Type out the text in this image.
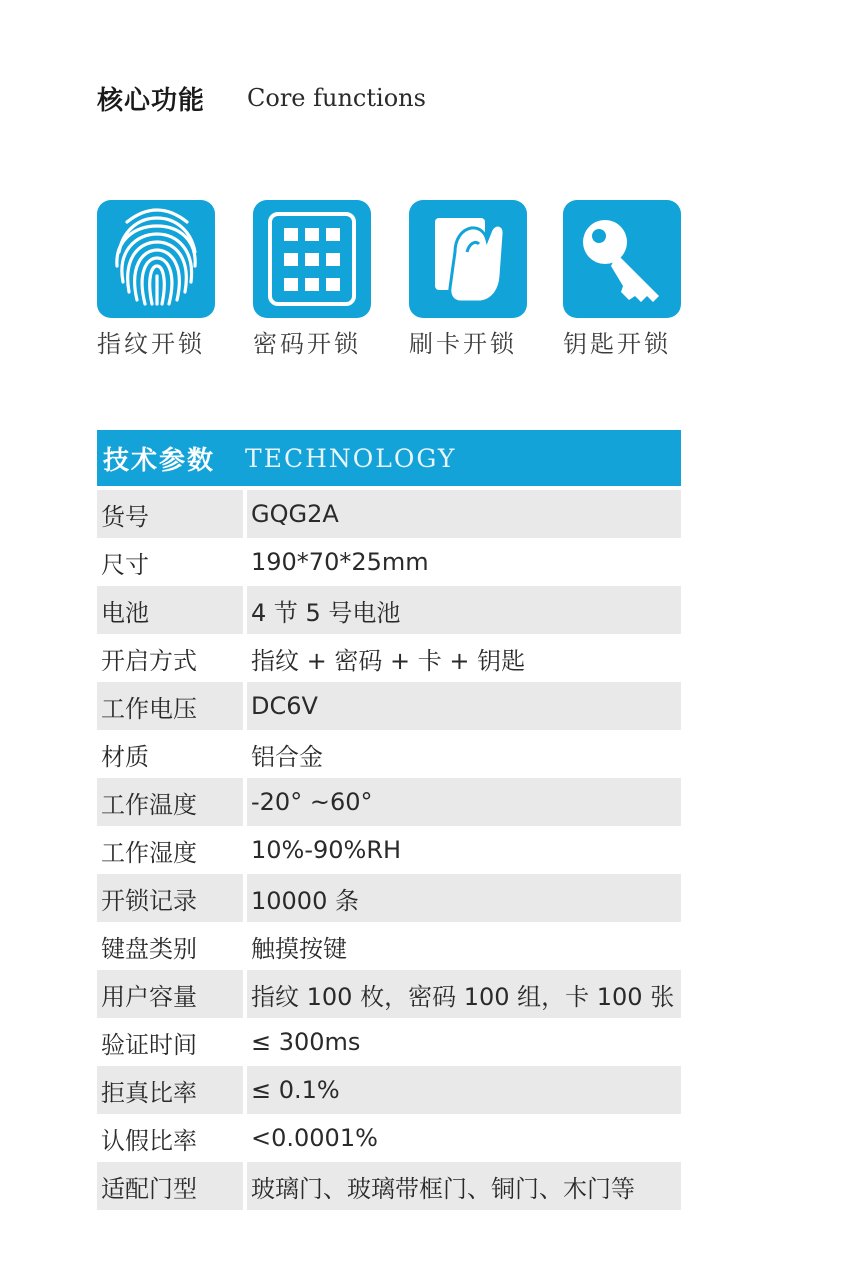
核心功能 Core functions
指纹开锁	密码开锁	刷卡开锁	钥匙开锁
技术参数 TECHNOLOGY
货号	GQG2A
尺寸	190*70*25mm
电池	4 节 5 号电池
开启方式	指纹 + 密码 + 卡 + 钥匙
工作电压	DC6V
材质	铝合金
工作温度	-20° ~60°
工作湿度	10%-90%RH
开锁记录	10000 条
键盘类别	触摸按键
用户容量	指纹 100 枚，密码 100 组，卡 100 张
验证时间	≤ 300ms
拒真比率	≤ 0.1%
认假比率	<0.0001%
适配门型	玻璃门、玻璃带框门、铜门、木门等
